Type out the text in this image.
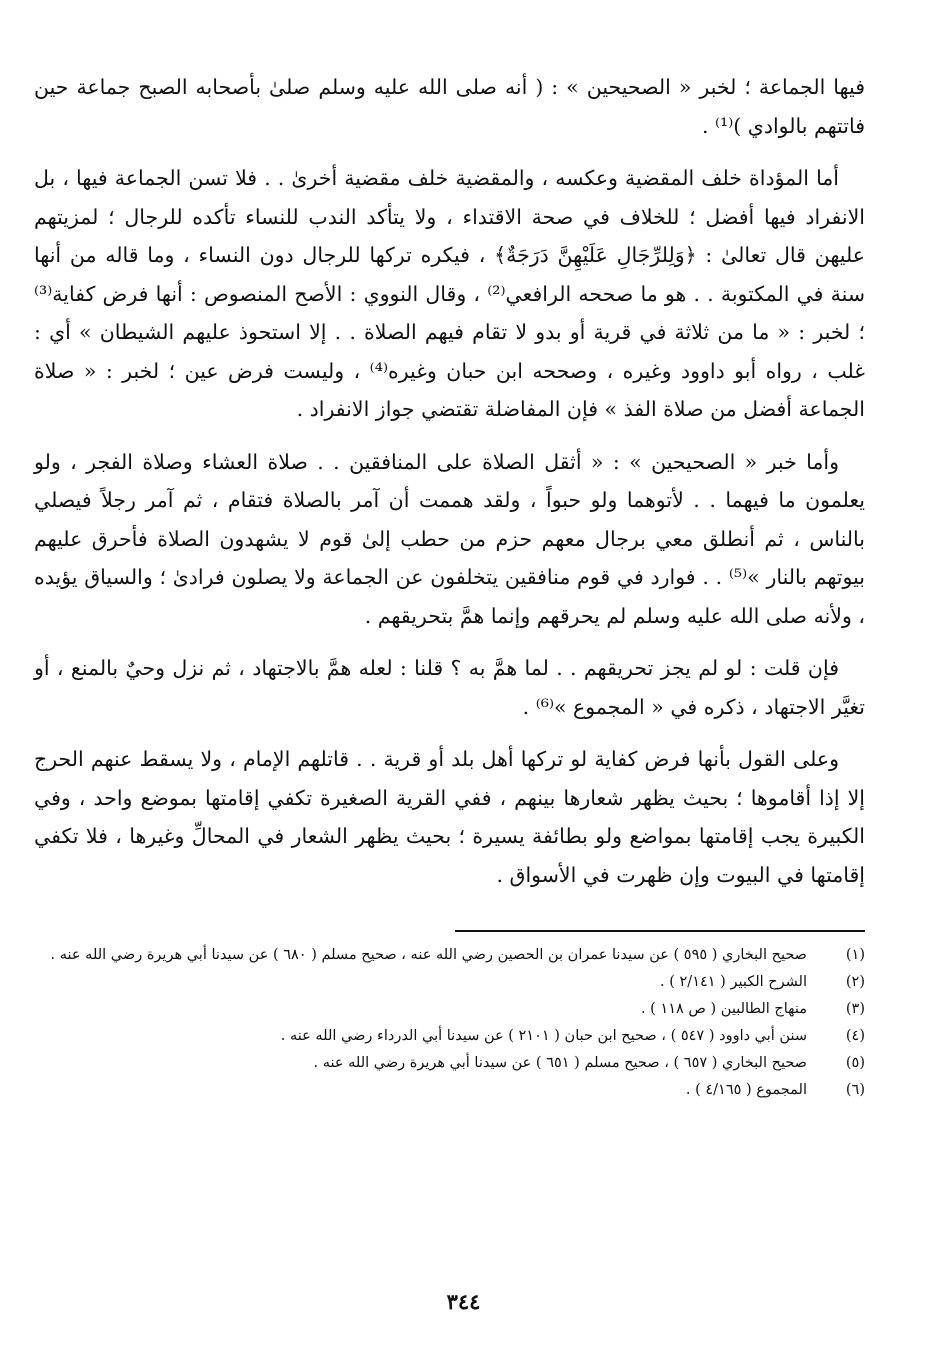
فيها الجماعة ؛ لخبر « الصحيحين » : ( أنه صلى الله عليه وسلم صلىٰ بأصحابه الصبح جماعة حين فاتتهم بالوادي )⁽¹⁾ .

أما المؤداة خلف المقضية وعكسه ، والمقضية خلف مقضية أخرىٰ . . فلا تسن الجماعة فيها ، بل الانفراد فيها أفضل ؛ للخلاف في صحة الاقتداء ، ولا يتأكد الندب للنساء تأكده للرجال ؛ لمزيتهم عليهن قال تعالىٰ : ﴿وَلِلرِّجَالِ عَلَيْهِنَّ دَرَجَةٌ﴾ ، فيكره تركها للرجال دون النساء ، وما قاله من أنها سنة في المكتوبة . . هو ما صححه الرافعي⁽²⁾ ، وقال النووي : الأصح المنصوص : أنها فرض كفاية⁽³⁾ ؛ لخبر : « ما من ثلاثة في قرية أو بدو لا تقام فيهم الصلاة . . إلا استحوذ عليهم الشيطان » أي : غلب ، رواه أبو داوود وغيره ، وصححه ابن حبان وغيره⁽⁴⁾ ، وليست فرض عين ؛ لخبر : « صلاة الجماعة أفضل من صلاة الفذ » فإن المفاضلة تقتضي جواز الانفراد .

وأما خبر « الصحيحين » : « أثقل الصلاة على المنافقين . . صلاة العشاء وصلاة الفجر ، ولو يعلمون ما فيهما . . لأتوهما ولو حبواً ، ولقد هممت أن آمر بالصلاة فتقام ، ثم آمر رجلاً فيصلي بالناس ، ثم أنطلق معي برجال معهم حزم من حطب إلىٰ قوم لا يشهدون الصلاة فأحرق عليهم بيوتهم بالنار »⁽⁵⁾ . . فوارد في قوم منافقين يتخلفون عن الجماعة ولا يصلون فرادىٰ ؛ والسياق يؤيده ، ولأنه صلى الله عليه وسلم لم يحرقهم وإنما همَّ بتحريقهم .

فإن قلت : لو لم يجز تحريقهم . . لما همَّ به ؟ قلنا : لعله همَّ بالاجتهاد ، ثم نزل وحيٌ بالمنع ، أو تغيَّر الاجتهاد ، ذكره في « المجموع »⁽⁶⁾ .

وعلى القول بأنها فرض كفاية لو تركها أهل بلد أو قرية . . قاتلهم الإمام ، ولا يسقط عنهم الحرج إلا إذا أقاموها ؛ بحيث يظهر شعارها بينهم ، ففي القرية الصغيرة تكفي إقامتها بموضع واحد ، وفي الكبيرة يجب إقامتها بمواضع ولو بطائفة يسيرة ؛ بحيث يظهر الشعار في المحالِّ وغيرها ، فلا تكفي إقامتها في البيوت وإن ظهرت في الأسواق .

(١)
صحيح البخاري ( ٥٩٥ ) عن سيدنا عمران بن الحصين رضي الله عنه ، صحيح مسلم ( ٦٨٠ ) عن سيدنا أبي هريرة رضي الله عنه .
(٢)
الشرح الكبير ( ٢/١٤١ ) .
(٣)
منهاج الطالبين ( ص ١١٨ ) .
(٤)
سنن أبي داوود ( ٥٤٧ ) ، صحيح ابن حبان ( ٢١٠١ ) عن سيدنا أبي الدرداء رضي الله عنه .
(٥)
صحيح البخاري ( ٦٥٧ ) ، صحيح مسلم ( ٦٥١ ) عن سيدنا أبي هريرة رضي الله عنه .
(٦)
المجموع ( ٤/١٦٥ ) .
٣٤٤
